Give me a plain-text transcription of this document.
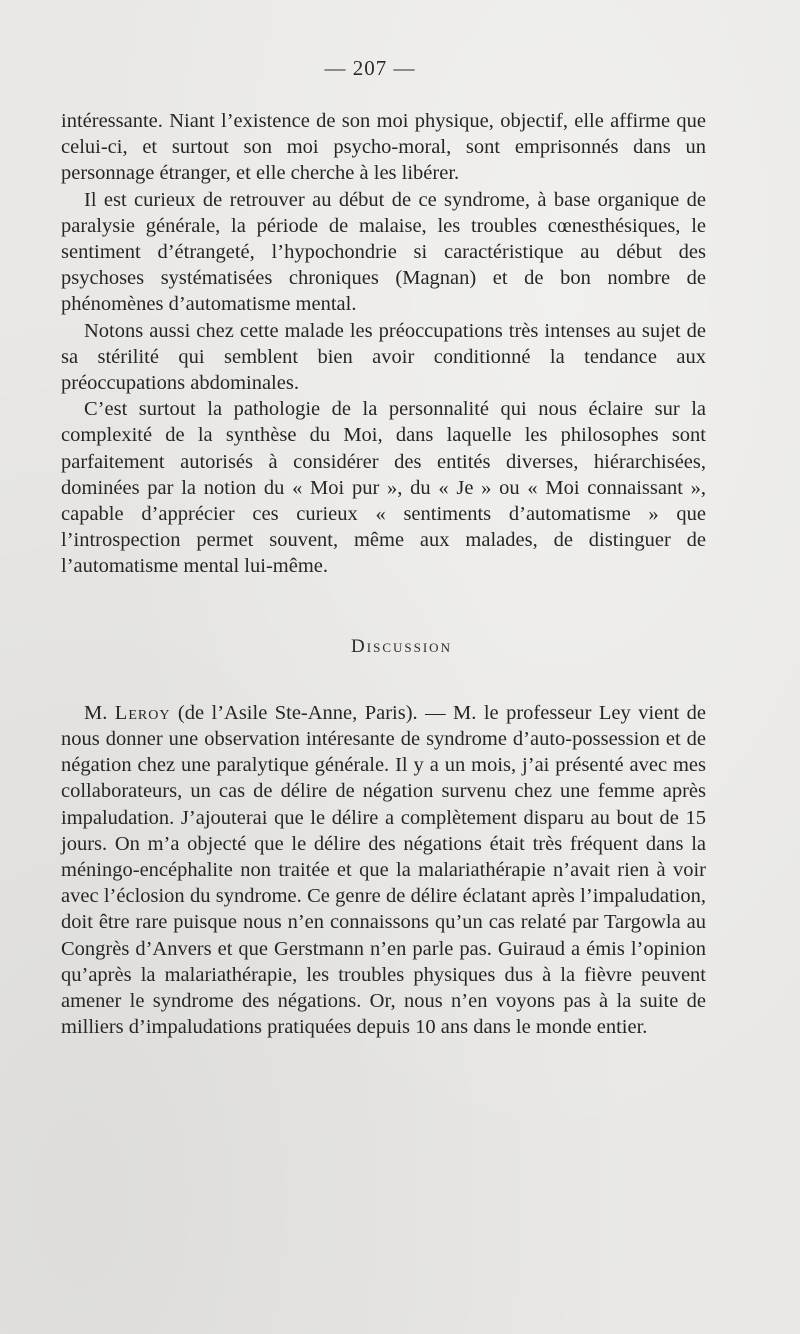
— 207 —

intéressante. Niant l’existence de son moi physique, objectif, elle affirme que celui-ci, et surtout son moi psycho-moral, sont emprisonnés dans un personnage étranger, et elle cherche à les libérer.

Il est curieux de retrouver au début de ce syndrome, à base organique de paralysie générale, la période de malaise, les troubles cœnesthésiques, le sentiment d’étrangeté, l’hypochondrie si caractéristique au début des psychoses systématisées chroniques (Magnan) et de bon nombre de phénomènes d’automatisme mental.

Notons aussi chez cette malade les préoccupations très intenses au sujet de sa stérilité qui semblent bien avoir conditionné la tendance aux préoccupations abdominales.

C’est surtout la pathologie de la personnalité qui nous éclaire sur la complexité de la synthèse du Moi, dans laquelle les philosophes sont parfaitement autorisés à considérer des entités diverses, hiérarchisées, dominées par la notion du « Moi pur », du « Je » ou « Moi connaissant », capable d’apprécier ces curieux « sentiments d’automatisme » que l’introspection permet souvent, même aux malades, de distinguer de l’automatisme mental lui-même.

Discussion

M. Leroy (de l’Asile Ste-Anne, Paris). — M. le professeur Ley vient de nous donner une observation intéresante de syndrome d’auto-possession et de négation chez une paralytique générale. Il y a un mois, j’ai présenté avec mes collaborateurs, un cas de délire de négation survenu chez une femme après impaludation. J’ajouterai que le délire a complètement disparu au bout de 15 jours. On m’a objecté que le délire des négations était très fréquent dans la méningo-encéphalite non traitée et que la malariathérapie n’avait rien à voir avec l’éclosion du syndrome. Ce genre de délire éclatant après l’impaludation, doit être rare puisque nous n’en connaissons qu’un cas relaté par Targowla au Congrès d’Anvers et que Gerstmann n’en parle pas. Guiraud a émis l’opinion qu’après la malariathérapie, les troubles physiques dus à la fièvre peuvent amener le syndrome des négations. Or, nous n’en voyons pas à la suite de milliers d’impaludations pratiquées depuis 10 ans dans le monde entier.
